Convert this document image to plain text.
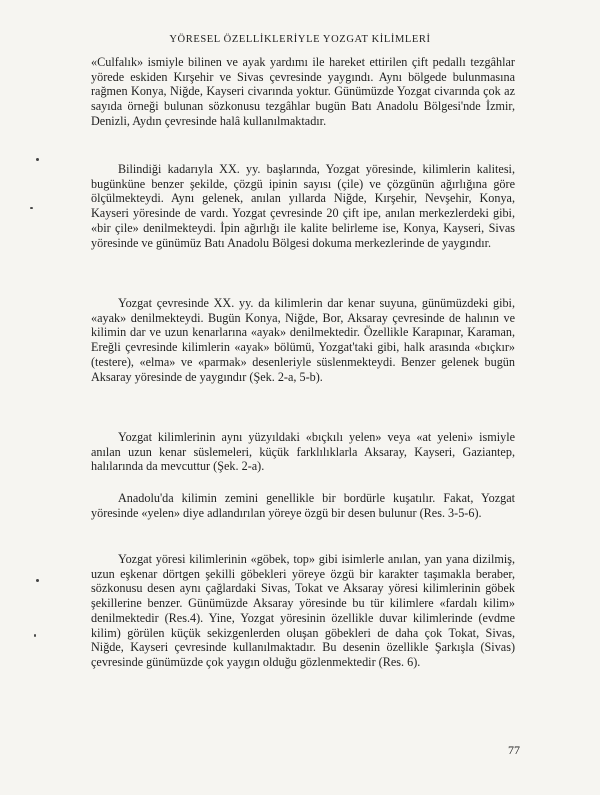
YÖRESEL ÖZELLİKLERİYLE YOZGAT KİLİMLERİ

«Culfalık» ismiyle bilinen ve ayak yardımı ile hareket ettirilen çift pedallı tezgâhlar yörede eskiden Kırşehir ve Sivas çevresinde yaygındı. Aynı bölgede bulunmasına rağmen Konya, Niğde, Kayseri civarında yoktur. Günümüzde Yozgat civarında çok az sayıda örneği bulunan sözkonusu tezgâhlar bugün Batı Anadolu Bölgesi'nde İzmir, Denizli, Aydın çevresinde halâ kullanılmaktadır.

Bilindiği kadarıyla XX. yy. başlarında, Yozgat yöresinde, kilimlerin kalitesi, bugünküne benzer şekilde, çözgü ipinin sayısı (çile) ve çözgünün ağırlığına göre ölçülmekteydi. Aynı gelenek, anılan yıllarda Niğde, Kırşehir, Nevşehir, Konya, Kayseri yöresinde de vardı. Yozgat çevresinde 20 çift ipe, anılan merkezlerdeki gibi, «bir çile» denilmekteydi. İpin ağırlığı ile kalite belirleme ise, Konya, Kayseri, Sivas yöresinde ve günümüz Batı Anadolu Bölgesi dokuma merkezlerinde de yaygındır.

Yozgat çevresinde XX. yy. da kilimlerin dar kenar suyuna, günümüzdeki gibi, «ayak» denilmekteydi. Bugün Konya, Niğde, Bor, Aksaray çevresinde de halının ve kilimin dar ve uzun kenarlarına «ayak» denilmektedir. Özellikle Karapınar, Karaman, Ereğli çevresinde kilimlerin «ayak» bölümü, Yozgat'taki gibi, halk arasında «bıçkır» (testere), «elma» ve «parmak» desenleriyle süslenmekteydi. Benzer gelenek bugün Aksaray yöresinde de yaygındır (Şek. 2-a, 5-b).

Yozgat kilimlerinin aynı yüzyıldaki «bıçkılı yelen» veya «at yeleni» ismiyle anılan uzun kenar süslemeleri, küçük farklılıklarla Aksaray, Kayseri, Gaziantep, halılarında da mevcuttur (Şek. 2-a).

Anadolu'da kilimin zemini genellikle bir bordürle kuşatılır. Fakat, Yozgat yöresinde «yelen» diye adlandırılan yöreye özgü bir desen bulunur (Res. 3-5-6).

Yozgat yöresi kilimlerinin «göbek, top» gibi isimlerle anılan, yan yana dizilmiş, uzun eşkenar dörtgen şekilli göbekleri yöreye özgü bir karakter taşımakla beraber, sözkonusu desen aynı çağlardaki Sivas, Tokat ve Aksaray yöresi kilimlerinin göbek şekillerine benzer. Günümüzde Aksaray yöresinde bu tür kilimlere «fardalı kilim» denilmektedir (Res.4). Yine, Yozgat yöresinin özellikle duvar kilimlerinde (evdme kilim) görülen küçük sekizgenlerden oluşan göbekleri de daha çok Tokat, Sivas, Niğde, Kayseri çevresinde kullanılmaktadır. Bu desenin özellikle Şarkışla (Sivas) çevresinde günümüzde çok yaygın olduğu gözlenmektedir (Res. 6).

77
